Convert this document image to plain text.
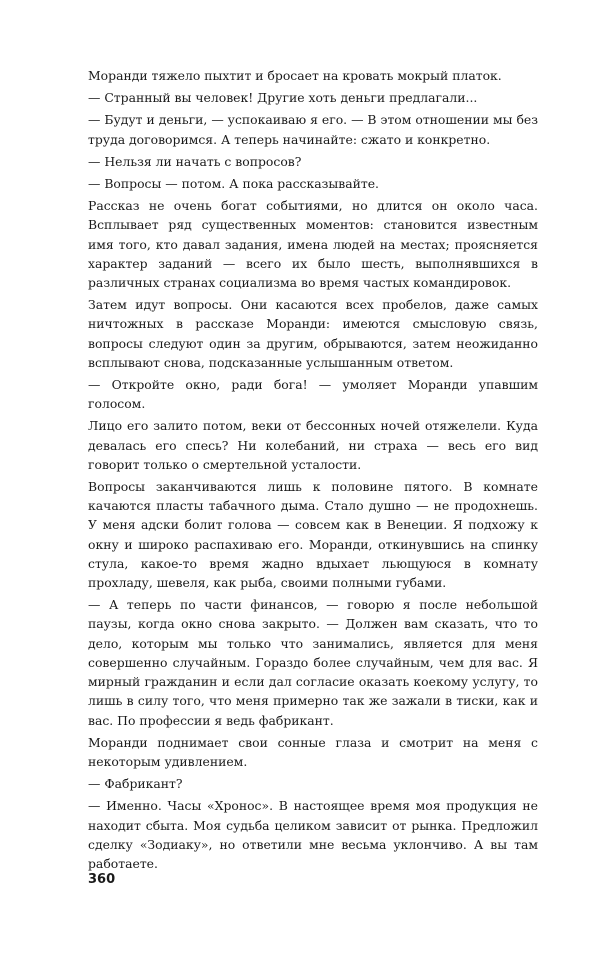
Моранди тяжело пыхтит и бросает на кровать мокрый платок.

— Странный вы человек! Другие хоть деньги предлагали...

— Будут и деньги, — успокаиваю я его. — В этом отношении мы без труда договоримся. А теперь начинайте: сжато и конкретно.

— Нельзя ли начать с вопросов?

— Вопросы — потом. А пока рассказывайте.

Рассказ не очень богат событиями, но длится он около часа. Всплывает ряд существенных моментов: становится известным имя того, кто давал задания, имена людей на местах; проясняется характер заданий — всего их было шесть, выполнявшихся в различных странах социализма во время частых командировок.

Затем идут вопросы. Они касаются всех пробелов, даже самых ничтожных в рассказе Моранди: имеются смысловую связь, вопросы следуют один за другим, обрываются, затем неожиданно всплывают снова, подсказанные услышанным ответом.

— Откройте окно, ради бога! — умоляет Моранди упавшим голосом.

Лицо его залито потом, веки от бессонных ночей отяжелели. Куда девалась его спесь? Ни колебаний, ни страха — весь его вид говорит только о смертельной усталости.

Вопросы заканчиваются лишь к половине пятого. В комнате качаются пласты табачного дыма. Стало душно — не продохнешь. У меня адски болит голова — совсем как в Венеции. Я подхожу к окну и широко распахиваю его. Моранди, откинувшись на спинку стула, какое-то время жадно вдыхает льющуюся в комнату прохладу, шевеля, как рыба, своими полными губами.

— А теперь по части финансов, — говорю я после небольшой паузы, когда окно снова закрыто. — Должен вам сказать, что то дело, которым мы только что занимались, является для меня совершенно случайным. Гораздо более случайным, чем для вас. Я мирный гражданин и если дал согласие оказать коекому услугу, то лишь в силу того, что меня примерно так же зажали в тиски, как и вас. По профессии я ведь фабрикант.

Моранди поднимает свои сонные глаза и смотрит на меня с некоторым удивлением.

— Фабрикант?

— Именно. Часы «Хронос». В настоящее время моя продукция не находит сбыта. Моя судьба целиком зависит от рынка. Предложил сделку «Зодиаку», но ответили мне весьма уклончиво. А вы там работаете.

360
